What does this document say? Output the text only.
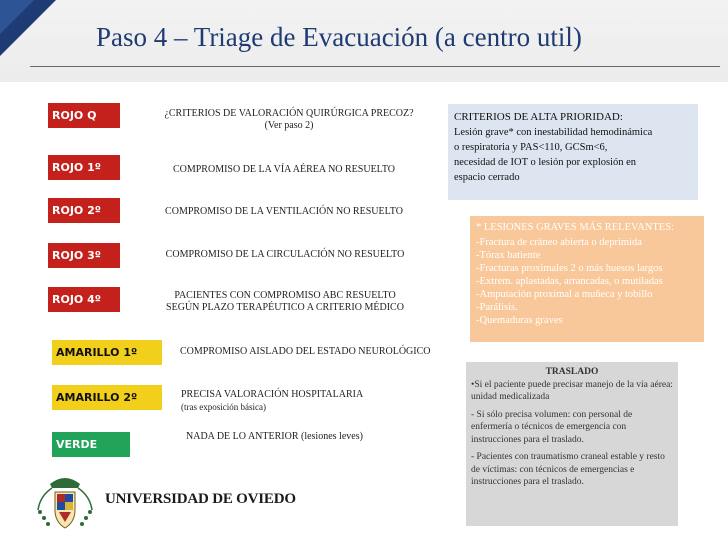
Paso 4 – Triage de Evacuación (a centro util)
ROJO Q
ROJO 1º
ROJO 2º
ROJO 3º
ROJO 4º
AMARILLO 1º
AMARILLO 2º
VERDE
¿CRITERIOS DE VALORACIÓN QUIRÚRGICA PRECOZ?
(Ver paso 2)
COMPROMISO DE LA VÍA AÉREA NO RESUELTO
COMPROMISO DE LA VENTILACIÓN NO RESUELTO
COMPROMISO DE LA CIRCULACIÓN NO RESUELTO
PACIENTES CON COMPROMISO ABC RESUELTO
SEGÚN PLAZO TERAPÉUTICO A CRITERIO MÉDICO
COMPROMISO AISLADO DEL ESTADO NEUROLÓGICO
PRECISA VALORACIÓN HOSPITALARIA
(tras exposición básica)
NADA DE LO ANTERIOR (lesiones leves)
CRITERIOS DE ALTA PRIORIDAD:
Lesión grave* con inestabilidad hemodinámica
o respiratoria y PAS<110, GCSm<6,
necesidad de IOT o lesión por explosión en
espacio cerrado
* LESIONES GRAVES MÁS RELEVANTES:
-Fractura de cráneo abierta o deprimida
-Tórax batiente
-Fracturas proximales 2 o más huesos largos
-Extrem. aplastadas, arrancadas, o mutiladas
-Amputación proximal a muñeca y tobillo
-Parálisis.
-Quemaduras graves
TRASLADO

•Si el paciente puede precisar manejo de la vía aérea: unidad medicalizada

- Si sólo precisa volumen: con personal de enfermería o técnicos de emergencia con instrucciones para el traslado.

- Pacientes con traumatismo craneal estable y resto de víctimas: con técnicos de emergencias e instrucciones para el traslado.

UNIVERSIDAD DE OVIEDO
